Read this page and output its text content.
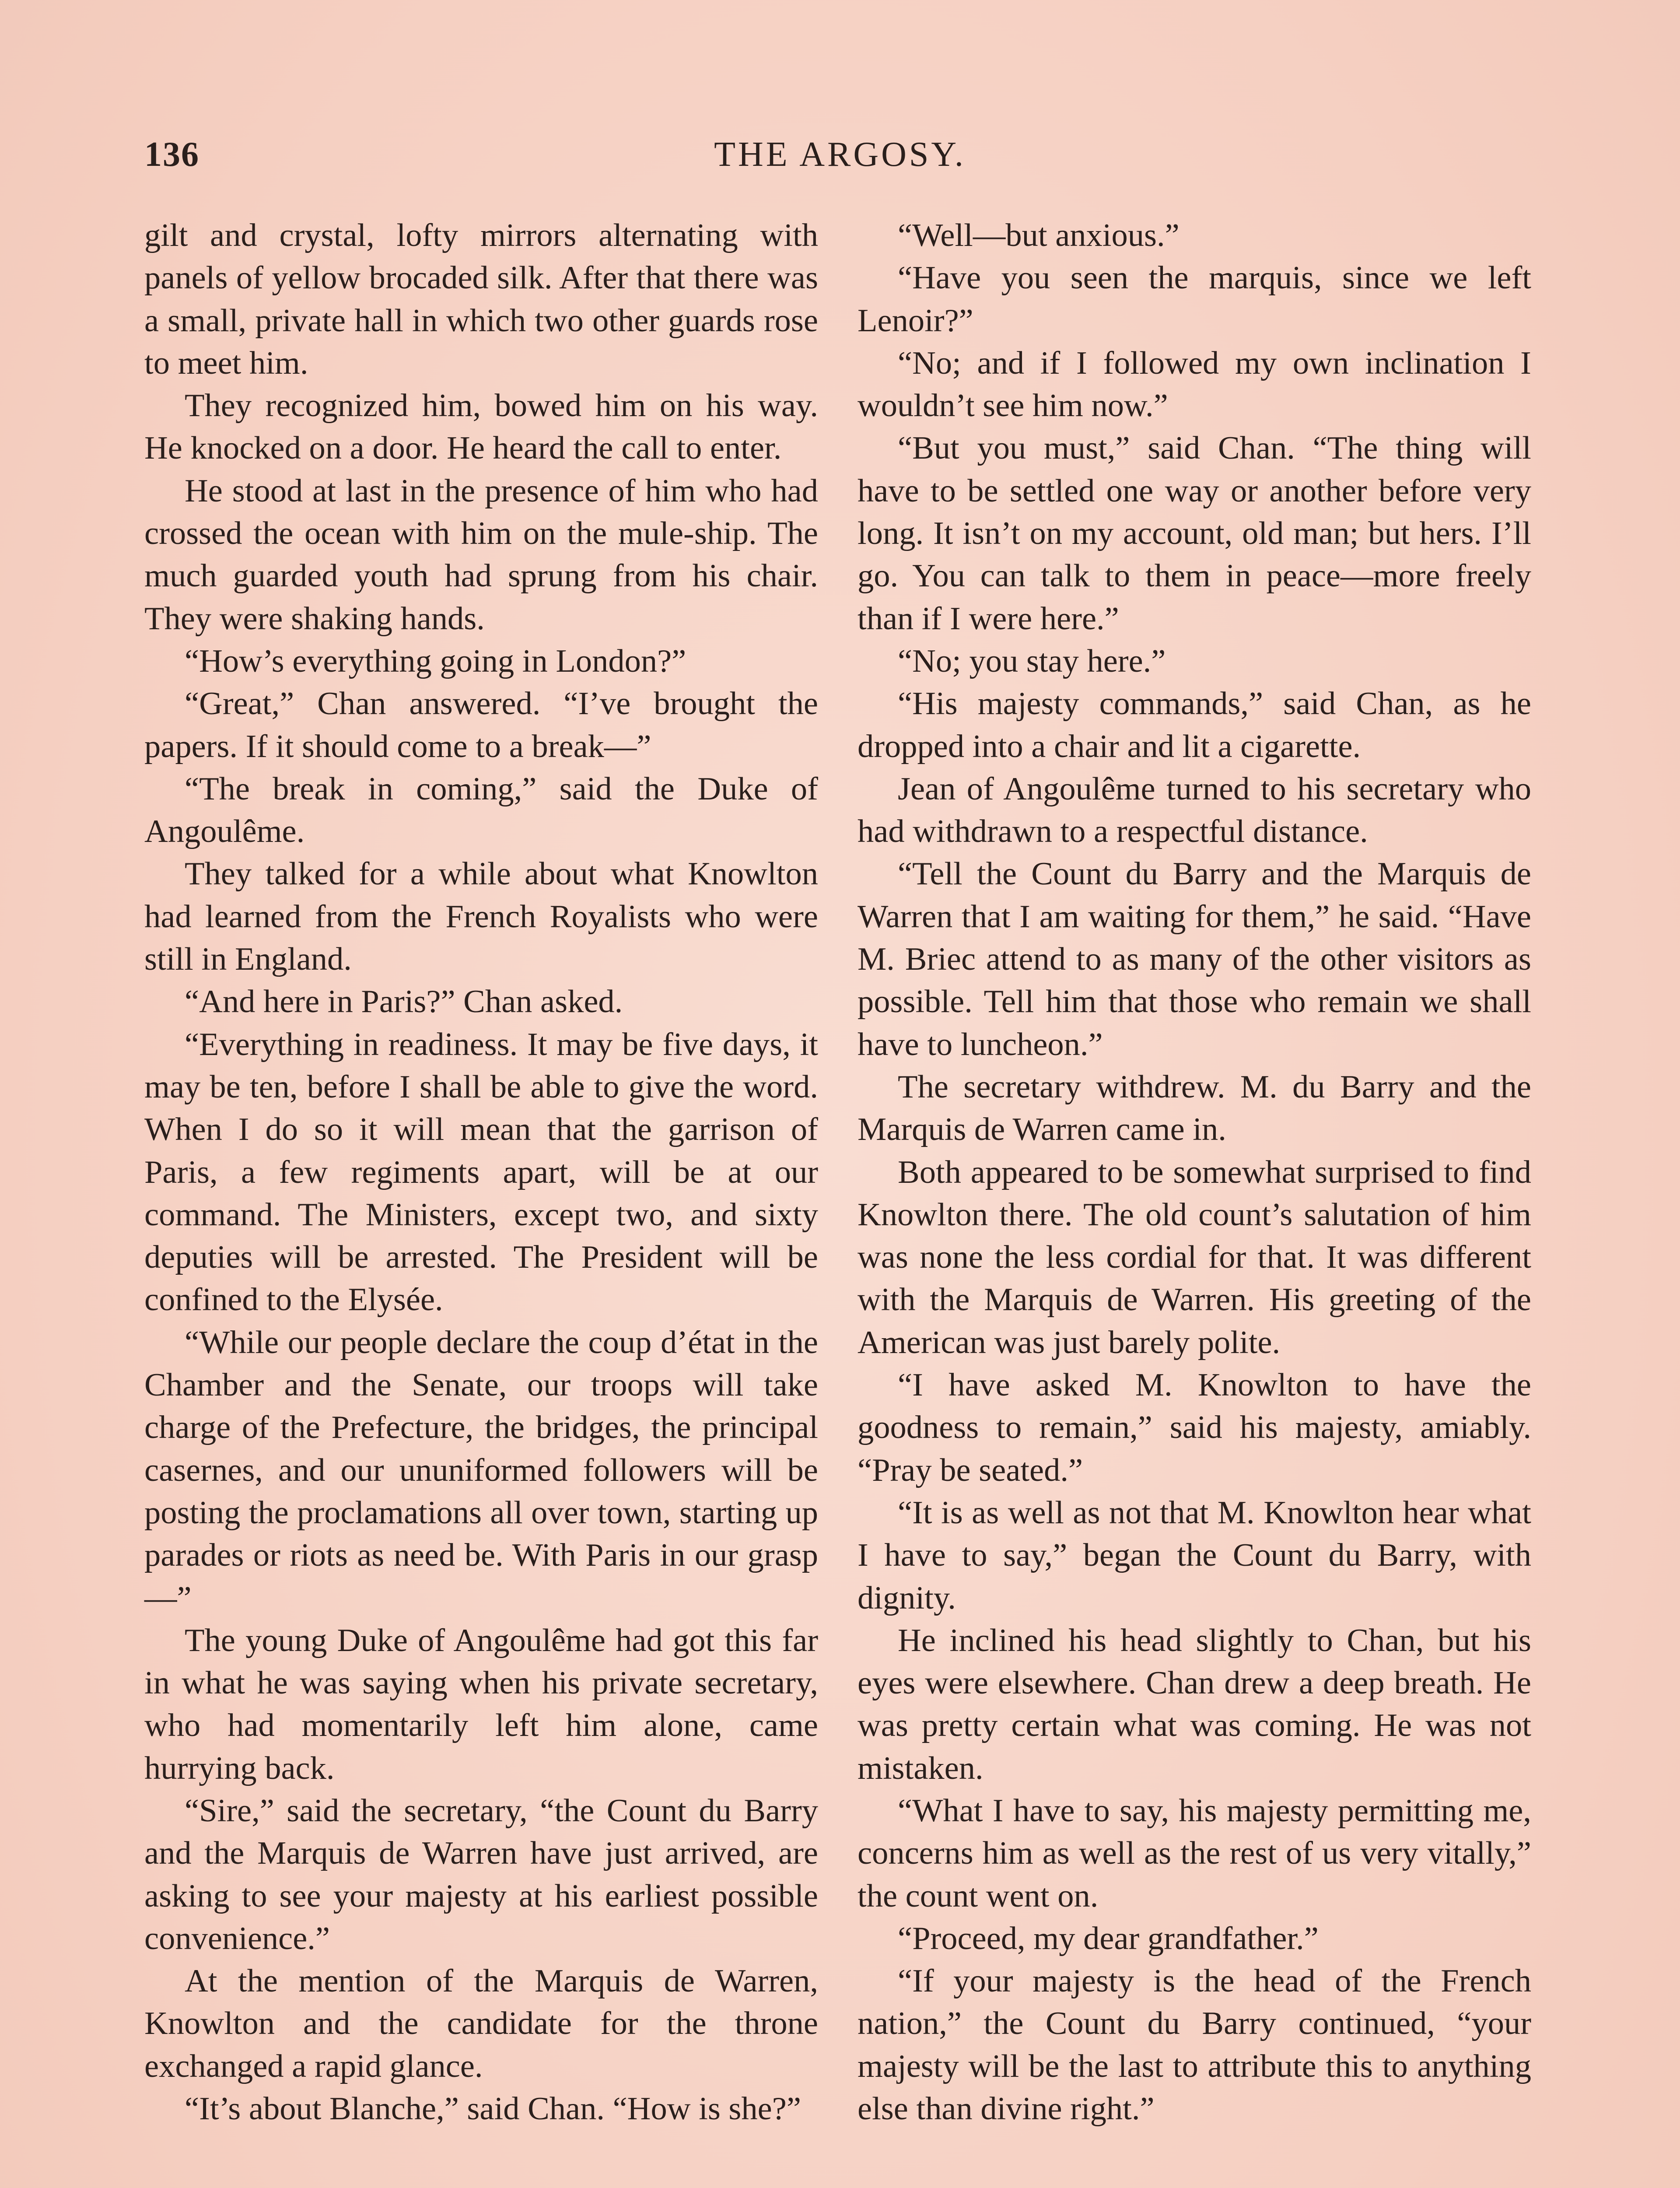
136	THE ARGOSY.

gilt and crystal, lofty mirrors alternating with panels of yellow brocaded silk. After that there was a small, private hall in which two other guards rose to meet him.

They recognized him, bowed him on his way. He knocked on a door. He heard the call to enter.

He stood at last in the presence of him who had crossed the ocean with him on the mule-ship. The much guarded youth had sprung from his chair. They were shaking hands.

“How’s everything going in London?”

“Great,” Chan answered. “I’ve brought the papers. If it should come to a break—”

“The break in coming,” said the Duke of Angoulême.

They talked for a while about what Knowlton had learned from the French Royalists who were still in England.

“And here in Paris?” Chan asked.

“Everything in readiness. It may be five days, it may be ten, before I shall be able to give the word. When I do so it will mean that the garrison of Paris, a few regiments apart, will be at our command. The Ministers, except two, and sixty deputies will be arrested. The President will be confined to the Elysée.

“While our people declare the coup d’état in the Chamber and the Senate, our troops will take charge of the Prefecture, the bridges, the principal casernes, and our ununiformed followers will be posting the proclamations all over town, starting up parades or riots as need be. With Paris in our grasp—”

The young Duke of Angoulême had got this far in what he was saying when his private secretary, who had momentarily left him alone, came hurrying back.

“Sire,” said the secretary, “the Count du Barry and the Marquis de Warren have just arrived, are asking to see your majesty at his earliest possible convenience.”

At the mention of the Marquis de Warren, Knowlton and the candidate for the throne exchanged a rapid glance.

“It’s about Blanche,” said Chan. “How is she?”

“Well—but anxious.”

“Have you seen the marquis, since we left Lenoir?”

“No; and if I followed my own inclination I wouldn’t see him now.”

“But you must,” said Chan. “The thing will have to be settled one way or another before very long. It isn’t on my account, old man; but hers. I’ll go. You can talk to them in peace—more freely than if I were here.”

“No; you stay here.”

“His majesty commands,” said Chan, as he dropped into a chair and lit a cigarette.

Jean of Angoulême turned to his secretary who had withdrawn to a respectful distance.

“Tell the Count du Barry and the Marquis de Warren that I am waiting for them,” he said. “Have M. Briec attend to as many of the other visitors as possible. Tell him that those who remain we shall have to luncheon.”

The secretary withdrew. M. du Barry and the Marquis de Warren came in.

Both appeared to be somewhat surprised to find Knowlton there. The old count’s salutation of him was none the less cordial for that. It was different with the Marquis de Warren. His greeting of the American was just barely polite.

“I have asked M. Knowlton to have the goodness to remain,” said his majesty, amiably. “Pray be seated.”

“It is as well as not that M. Knowlton hear what I have to say,” began the Count du Barry, with dignity.

He inclined his head slightly to Chan, but his eyes were elsewhere. Chan drew a deep breath. He was pretty certain what was coming. He was not mistaken.

“What I have to say, his majesty permitting me, concerns him as well as the rest of us very vitally,” the count went on.

“Proceed, my dear grandfather.”

“If your majesty is the head of the French nation,” the Count du Barry continued, “your majesty will be the last to attribute this to anything else than divine right.”
